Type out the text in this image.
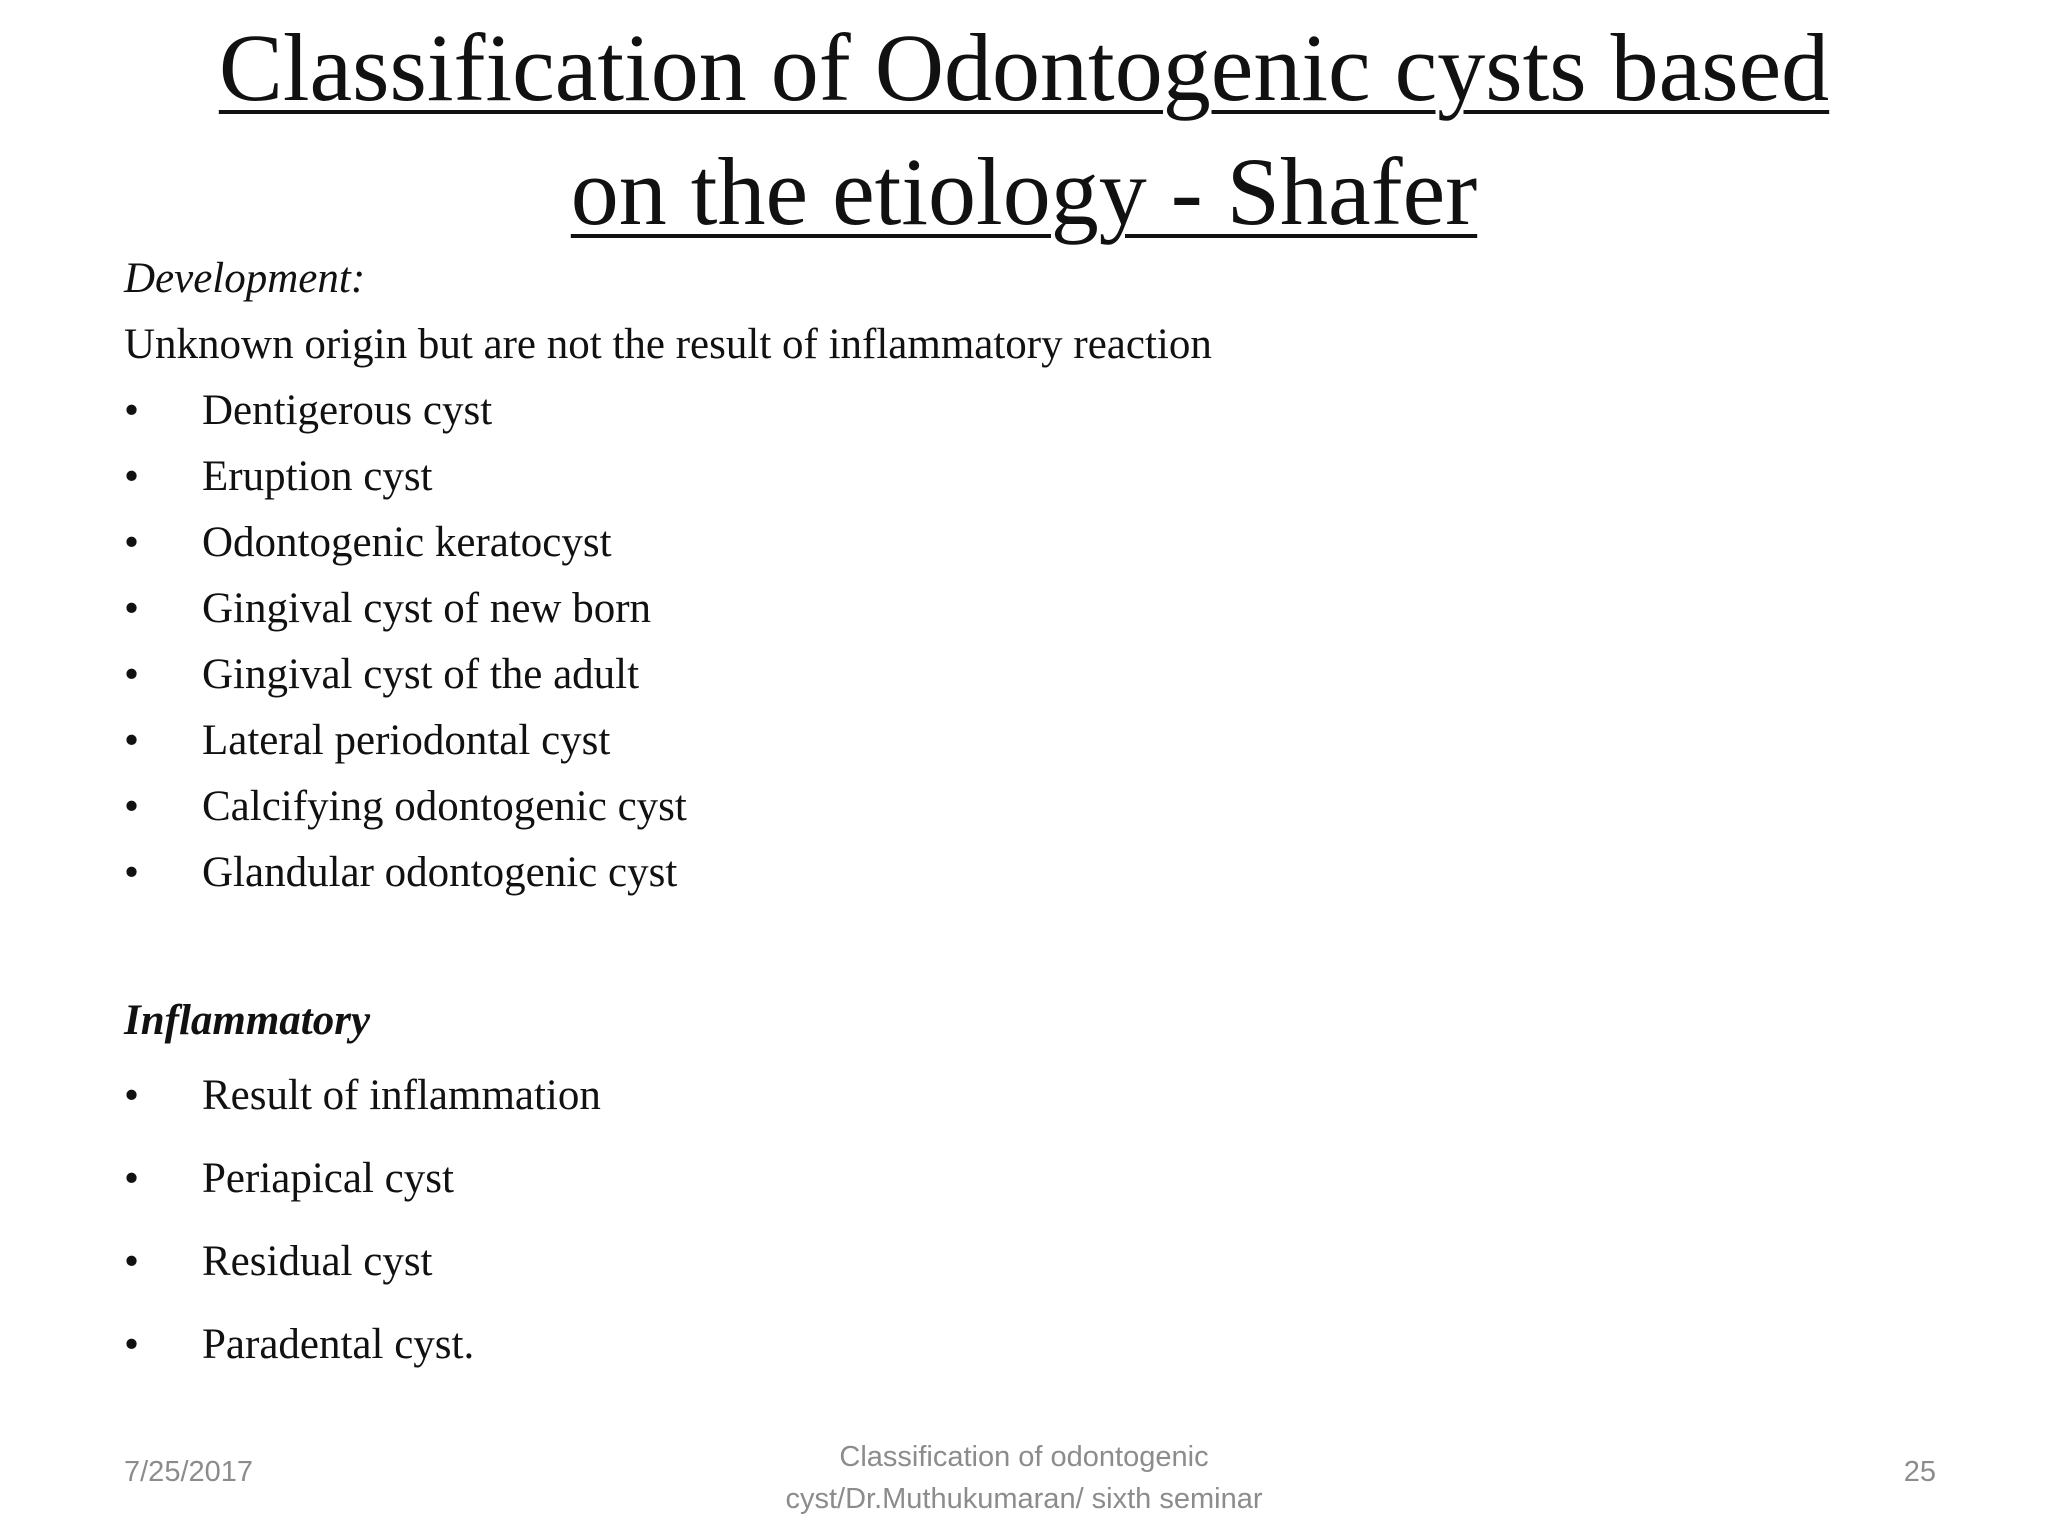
Classification of Odontogenic cysts based
on the etiology - Shafer
Development:
Unknown origin but are not the result of inflammatory reaction
• Dentigerous cyst
• Eruption cyst
• Odontogenic keratocyst
• Gingival cyst of new born
• Gingival cyst of the adult
• Lateral periodontal cyst
• Calcifying odontogenic cyst
• Glandular odontogenic cyst
Inflammatory
• Result of inflammation
• Periapical cyst
• Residual cyst
• Paradental cyst.
7/25/2017	Classification of odontogenic
cyst/Dr.Muthukumaran/ sixth seminar
25
